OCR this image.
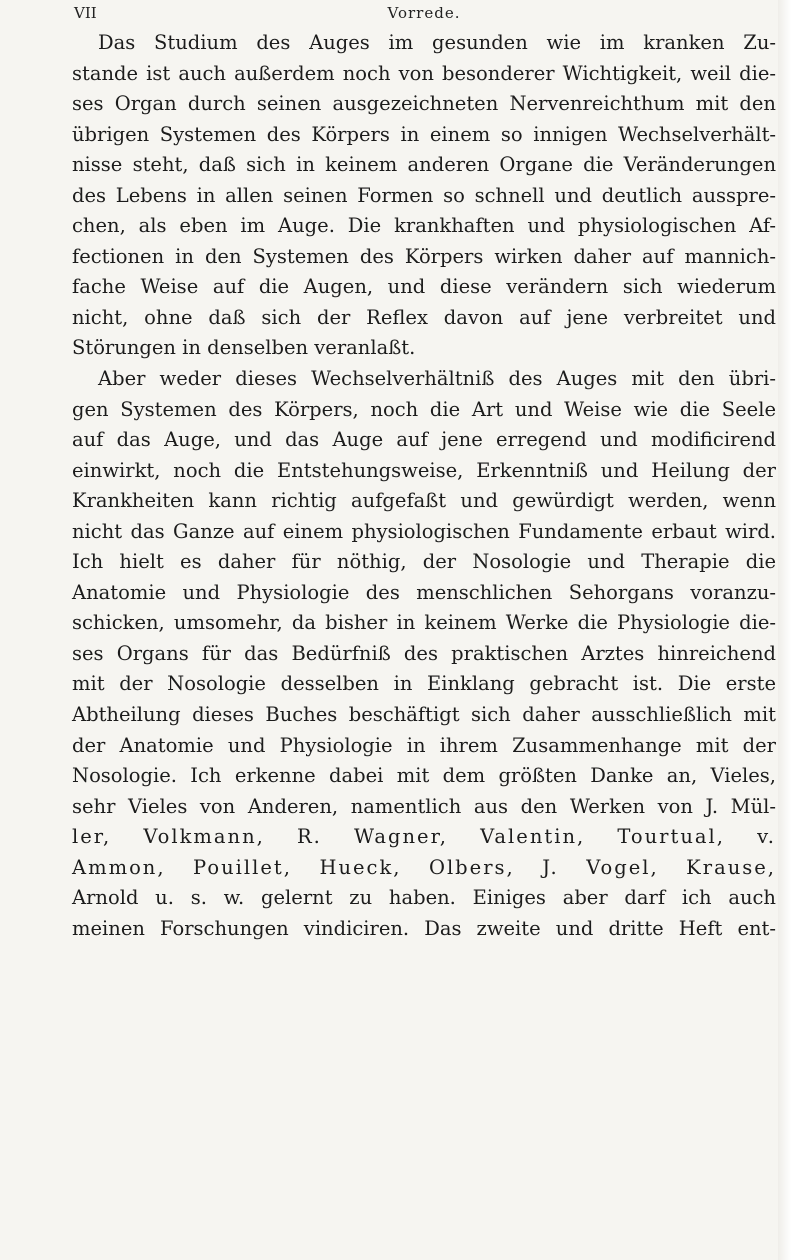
VII	Vorrede.
Das Studium des Auges im gesunden wie im kranken Zu-
stande ist auch außerdem noch von besonderer Wichtigkeit, weil die-
ses Organ durch seinen ausgezeichneten Nervenreichthum mit den
übrigen Systemen des Körpers in einem so innigen Wechselverhält-
nisse steht, daß sich in keinem anderen Organe die Veränderungen
des Lebens in allen seinen Formen so schnell und deutlich ausspre-
chen, als eben im Auge. Die krankhaften und physiologischen Af-
fectionen in den Systemen des Körpers wirken daher auf mannich-
fache Weise auf die Augen, und diese verändern sich wiederum
nicht, ohne daß sich der Reflex davon auf jene verbreitet und
Störungen in denselben veranlaßt.
Aber weder dieses Wechselverhältniß des Auges mit den übri-
gen Systemen des Körpers, noch die Art und Weise wie die Seele
auf das Auge, und das Auge auf jene erregend und modificirend
einwirkt, noch die Entstehungsweise, Erkenntniß und Heilung der
Krankheiten kann richtig aufgefaßt und gewürdigt werden, wenn
nicht das Ganze auf einem physiologischen Fundamente erbaut wird.
Ich hielt es daher für nöthig, der Nosologie und Therapie die
Anatomie und Physiologie des menschlichen Sehorgans voranzu-
schicken, umsomehr, da bisher in keinem Werke die Physiologie die-
ses Organs für das Bedürfniß des praktischen Arztes hinreichend
mit der Nosologie desselben in Einklang gebracht ist. Die erste
Abtheilung dieses Buches beschäftigt sich daher ausschließlich mit
der Anatomie und Physiologie in ihrem Zusammenhange mit der
Nosologie. Ich erkenne dabei mit dem größten Danke an, Vieles,
sehr Vieles von Anderen, namentlich aus den Werken von J. Mül-
ler, Volkmann, R. Wagner, Valentin, Tourtual, v.
Ammon, Pouillet, Hueck, Olbers, J. Vogel, Krause,
Arnold u. s. w. gelernt zu haben. Einiges aber darf ich auch
meinen Forschungen vindiciren. Das zweite und dritte Heft ent-
